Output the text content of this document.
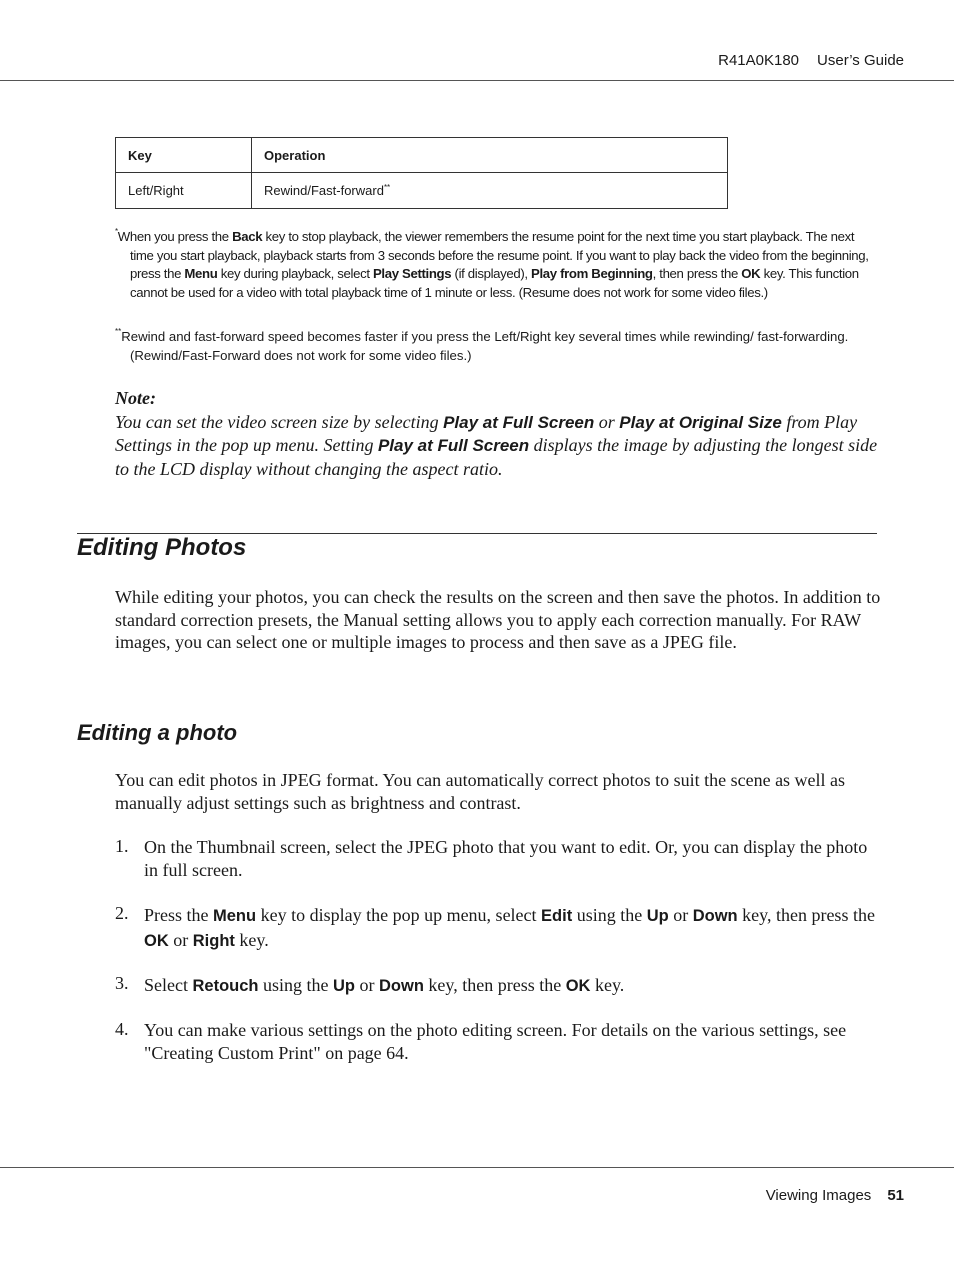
R41A0K180 User’s Guide
Key	Operation
Left/Right	Rewind/Fast-forward**

*When you press the Back key to stop playback, the viewer remembers the resume point for the next time you start playback. The next time you start playback, playback starts from 3 seconds before the resume point. If you want to play back the video from the beginning, press the Menu key during playback, select Play Settings (if displayed), Play from Beginning, then press the OK key. This function cannot be used for a video with total playback time of 1 minute or less. (Resume does not work for some video files.)

**Rewind and fast-forward speed becomes faster if you press the Left/Right key several times while rewinding/ fast-forwarding. (Rewind/Fast-Forward does not work for some video files.)

Note:
You can set the video screen size by selecting Play at Full Screen or Play at Original Size from Play Settings in the pop up menu. Setting Play at Full Screen displays the image by adjusting the longest side to the LCD display without changing the aspect ratio.
Editing Photos
While editing your photos, you can check the results on the screen and then save the photos. In addition to standard correction presets, the Manual setting allows you to apply each correction manually. For RAW images, you can select one or multiple images to process and then save as a JPEG file.
Editing a photo
You can edit photos in JPEG format. You can automatically correct photos to suit the scene as well as manually adjust settings such as brightness and contrast.
1. On the Thumbnail screen, select the JPEG photo that you want to edit. Or, you can display the photo in full screen.
2. Press the Menu key to display the pop up menu, select Edit using the Up or Down key, then press the OK or Right key.
3. Select Retouch using the Up or Down key, then press the OK key.
4. You can make various settings on the photo editing screen. For details on the various settings, see "Creating Custom Print" on page 64.
Viewing Images 51
